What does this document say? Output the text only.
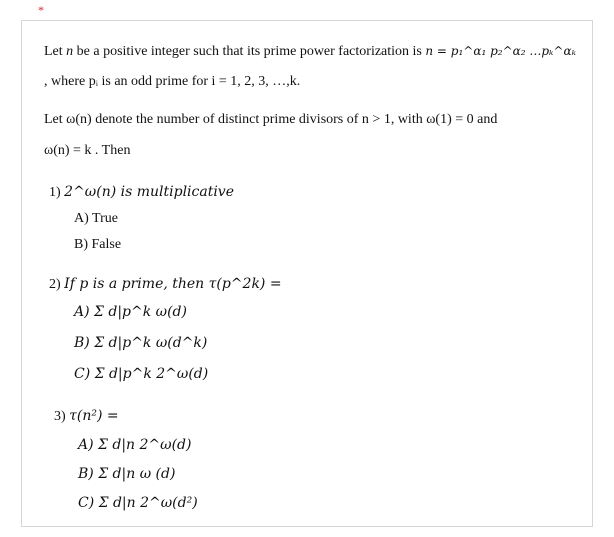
*
Let n be a positive integer such that its prime power factorization is n = p₁^α₁ p₂^α₂ …pₖ^αₖ
, where pᵢ is an odd prime for i = 1, 2, 3, …,k.
Let ω(n) denote the number of distinct prime divisors of n > 1, with ω(1) = 0 and
ω(n) = k . Then
1) 2^ω(n) is multiplicative
A) True
B) False
2) If p is a prime, then τ(p^2k) =
A) Σ d|p^k ω(d)
B) Σ d|p^k ω(d^k)
C) Σ d|p^k 2^ω(d)
3) τ(n²) =
A) Σ d|n 2^ω(d)
B) Σ d|n ω (d)
C) Σ d|n 2^ω(d²)
